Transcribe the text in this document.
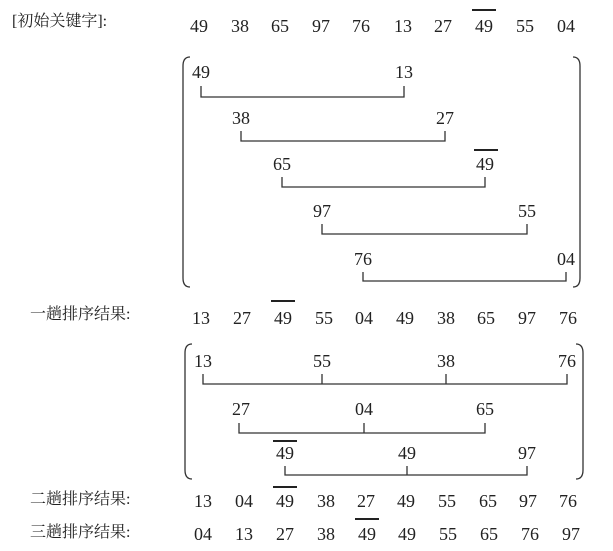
[初始关键字]:
一趟排序结果:
二趟排序结果:
三趟排序结果:
49 38 65 97 76 13 27 49 55 04
49	13
38	27
65	49
97	55
76	04
13 27 49 55 04 49 38 65 97 76
13	55	38	76
27	04	65
49	49	97
13 04 49 38 27 49 55 65 97 76
04 13 27 38 49 49 55 65 76 97
